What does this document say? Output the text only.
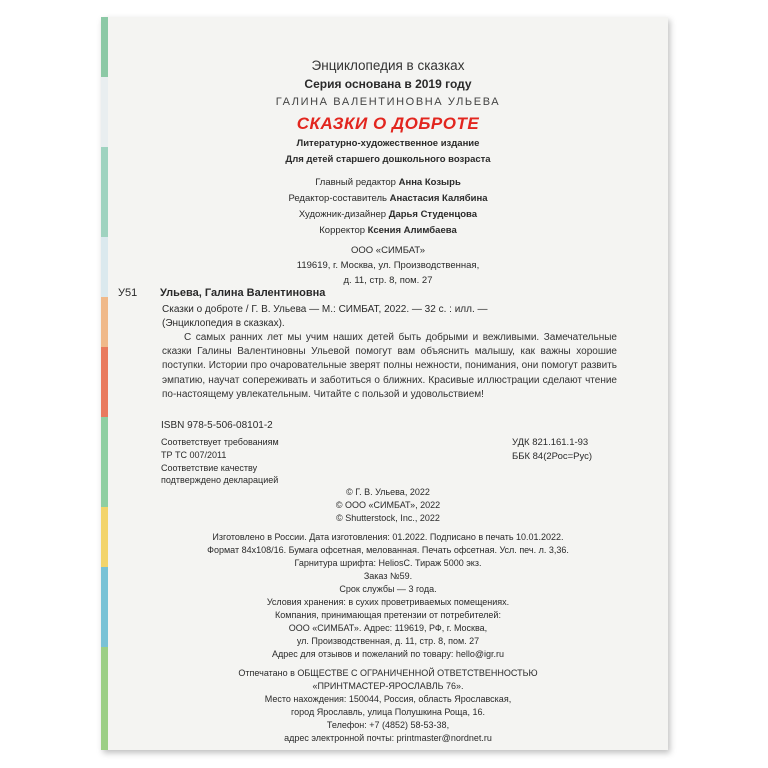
Энциклопедия в сказках
Серия основана в 2019 году
ГАЛИНА ВАЛЕНТИНОВНА УЛЬЕВА
СКАЗКИ О ДОБРОТЕ
Литературно-художественное издание
Для детей старшего дошкольного возраста
Главный редактор Анна Козырь
Редактор-составитель Анастасия Калябина
Художник-дизайнер Дарья Студенцова
Корректор Ксения Алимбаева
ООО «СИМБАТ»
119619, г. Москва, ул. Производственная,
д. 11, стр. 8, пом. 27
У51 Ульева, Галина Валентиновна
Сказки о доброте / Г. В. Ульева — М.: СИМБАТ, 2022. — 32 с. : илл. —
(Энциклопедия в сказках).
С самых ранних лет мы учим наших детей быть добрыми и вежливыми. Замечательные сказки Галины Валентиновны Ульевой помогут вам объяснить малышу, как важны хорошие поступки. Истории про очаровательные зверят полны нежности, понимания, они помогут развить эмпатию, научат сопереживать и заботиться о ближних. Красивые иллюстрации сделают чтение по-настоящему увлекательным. Читайте с пользой и удовольствием!
ISBN 978-5-506-08101-2
Соответствует требованиям
ТР ТС 007/2011
Соответствие качеству
подтверждено декларацией
УДК 821.161.1-93
ББК 84(2Рос=Рус)
© Г. В. Ульева, 2022
© ООО «СИМБАТ», 2022
© Shutterstock, Inc., 2022
Изготовлено в России. Дата изготовления: 01.2022. Подписано в печать 10.01.2022.
Формат 84х108/16. Бумага офсетная, мелованная. Печать офсетная. Усл. печ. л. 3,36.
Гарнитура шрифта: HeliosC. Тираж 5000 экз.
Заказ №59.
Срок службы — 3 года.
Условия хранения: в сухих проветриваемых помещениях.
Компания, принимающая претензии от потребителей:
ООО «СИМБАТ». Адрес: 119619, РФ, г. Москва,
ул. Производственная, д. 11, стр. 8, пом. 27
Адрес для отзывов и пожеланий по товару: hello@igr.ru
Отпечатано в ОБЩЕСТВЕ С ОГРАНИЧЕННОЙ ОТВЕТСТВЕННОСТЬЮ
«ПРИНТМАСТЕР-ЯРОСЛАВЛЬ 76».
Место нахождения: 150044, Россия, область Ярославская,
город Ярославль, улица Полушкина Роща, 16.
Телефон: +7 (4852) 58-53-38,
адрес электронной почты: printmaster@nordnet.ru
